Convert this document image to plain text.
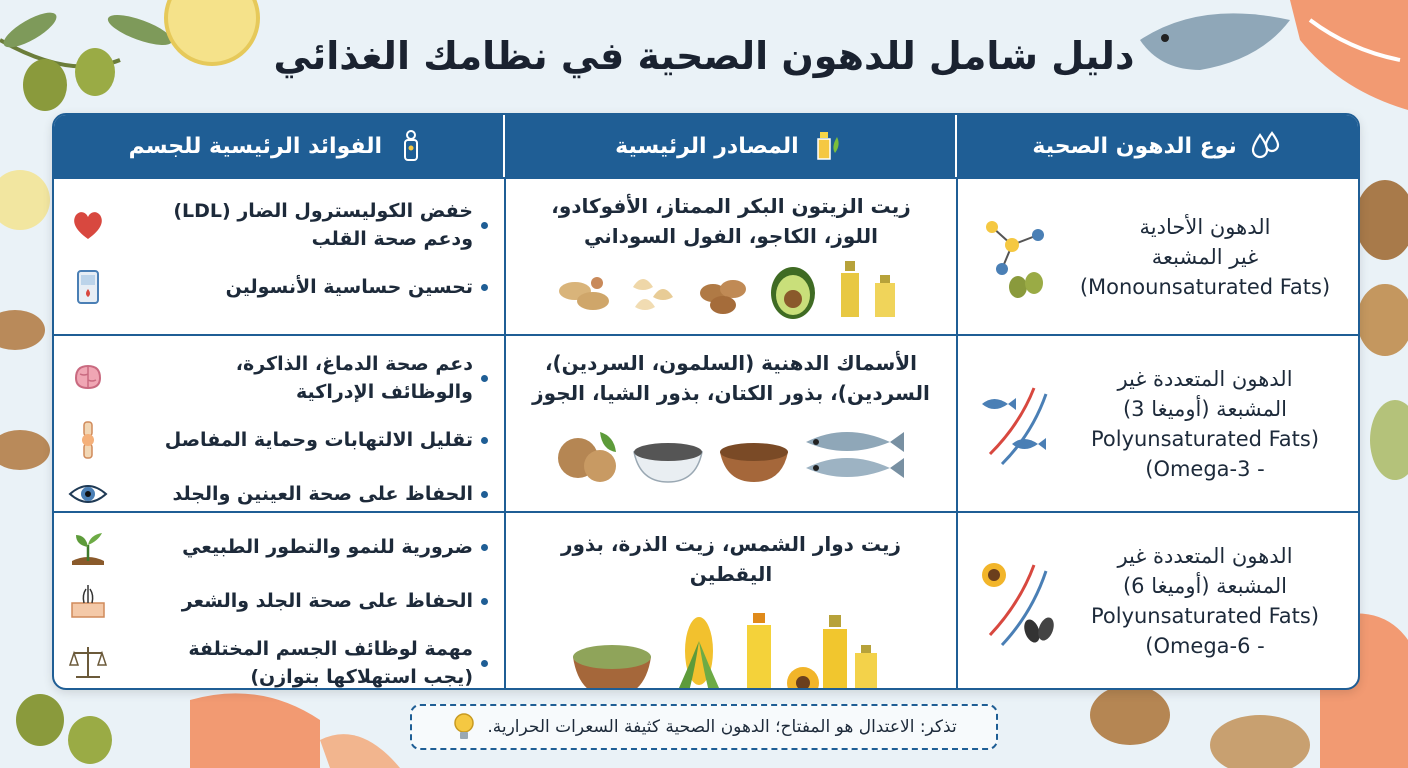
دليل شامل للدهون الصحية في نظامك الغذائي
نوع الدهون الصحية
المصادر الرئيسية
الفوائد الرئيسية للجسم
الدهون الأحادية
غير المشبعة
(Monounsaturated Fats)
زيت الزيتون البكر الممتاز، الأفوكادو،
اللوز، الكاجو، الفول السوداني
خفض الكوليسترول الضار (LDL)
ودعم صحة القلب
تحسين حساسية الأنسولين
الدهون المتعددة غير
المشبعة (أوميغا 3)
(Polyunsaturated Fats
- Omega-3)
الأسماك الدهنية (السلمون، السردين)،
السردين)، بذور الكتان، بذور الشيا، الجوز
دعم صحة الدماغ، الذاكرة،
والوظائف الإدراكية
تقليل الالتهابات وحماية المفاصل
الحفاظ على صحة العينين والجلد
الدهون المتعددة غير
المشبعة (أوميغا 6)
(Polyunsaturated Fats
- Omega-6)
زيت دوار الشمس، زيت الذرة، بذور اليقطين
ضرورية للنمو والتطور الطبيعي
الحفاظ على صحة الجلد والشعر
مهمة لوظائف الجسم المختلفة
(يجب استهلاكها بتوازن)
تذكر: الاعتدال هو المفتاح؛ الدهون الصحية كثيفة السعرات الحرارية.
